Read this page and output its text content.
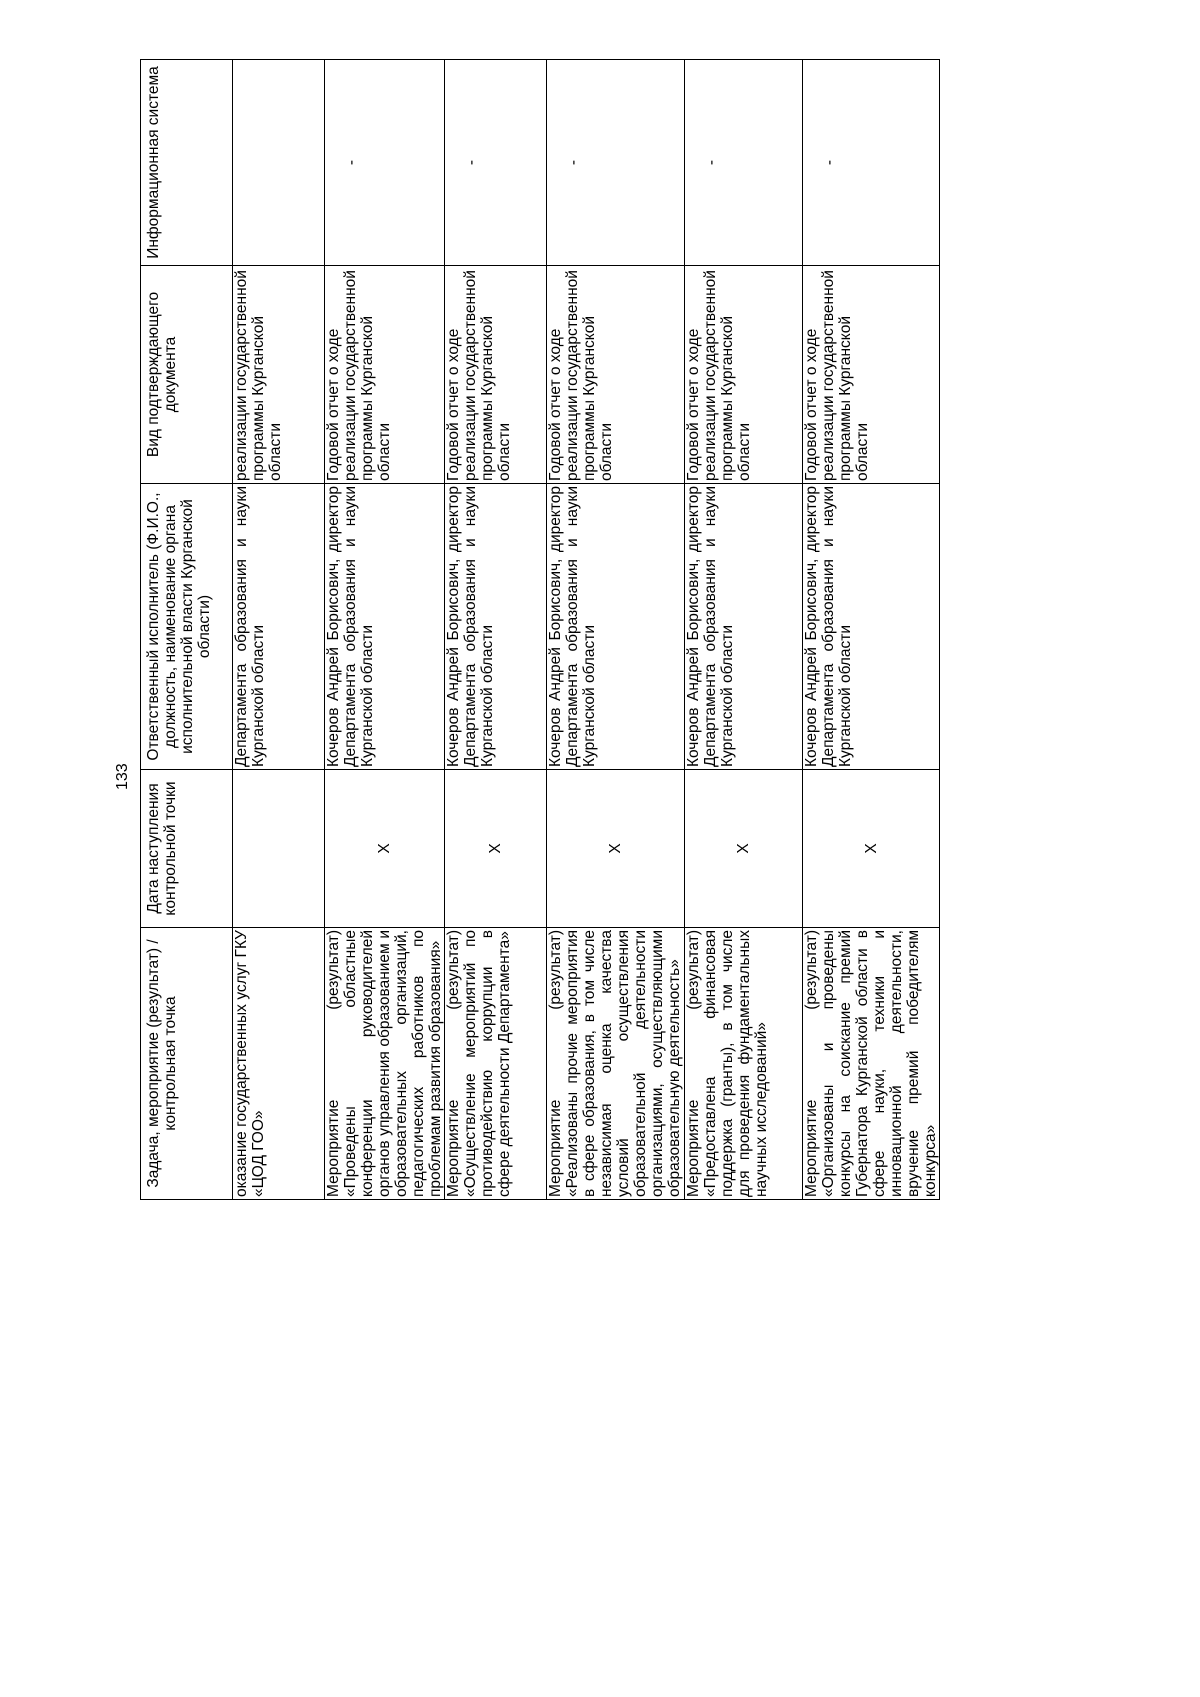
133
Задача, мероприятие (результат) / контрольная точка	Дата наступления контрольной точки	Ответственный исполнитель (Ф.И.О., должность, наименование органа исполнительной власти Курганской области)	Вид подтверждающего документа	Информационная система
оказание государственных услуг ГКУ «ЦОД ГОО»		Департамента образования и науки Курганской области	реализации государственной программы Курганской области	
Мероприятие (результат) «Проведены областные конференции руководителей органов управления образованием и образовательных организаций, педагогических работников по проблемам развития образования»	Х	Кочеров Андрей Борисович, директор Департамента образования и науки Курганской области	Годовой отчет о ходе реализации государственной программы Курганской области	-
Мероприятие (результат) «Осуществление мероприятий по противодействию коррупции в сфере деятельности Департамента»	Х	Кочеров Андрей Борисович, директор Департамента образования и науки Курганской области	Годовой отчет о ходе реализации государственной программы Курганской области	-
Мероприятие (результат) «Реализованы прочие мероприятия в сфере образования, в том числе независимая оценка качества условий осуществления образовательной деятельности организациями, осуществляющими образовательную деятельность»	Х	Кочеров Андрей Борисович, директор Департамента образования и науки Курганской области	Годовой отчет о ходе реализации государственной программы Курганской области	-
Мероприятие (результат) «Предоставлена финансовая поддержка (гранты), в том числе для проведения фундаментальных научных исследований»	Х	Кочеров Андрей Борисович, директор Департамента образования и науки Курганской области	Годовой отчет о ходе реализации государственной программы Курганской области	-
Мероприятие (результат) «Организованы и проведены конкурсы на соискание премий Губернатора Курганской области в сфере науки, техники и инновационной деятельности, вручение премий победителям конкурса»	Х	Кочеров Андрей Борисович, директор Департамента образования и науки Курганской области	Годовой отчет о ходе реализации государственной программы Курганской области	-
